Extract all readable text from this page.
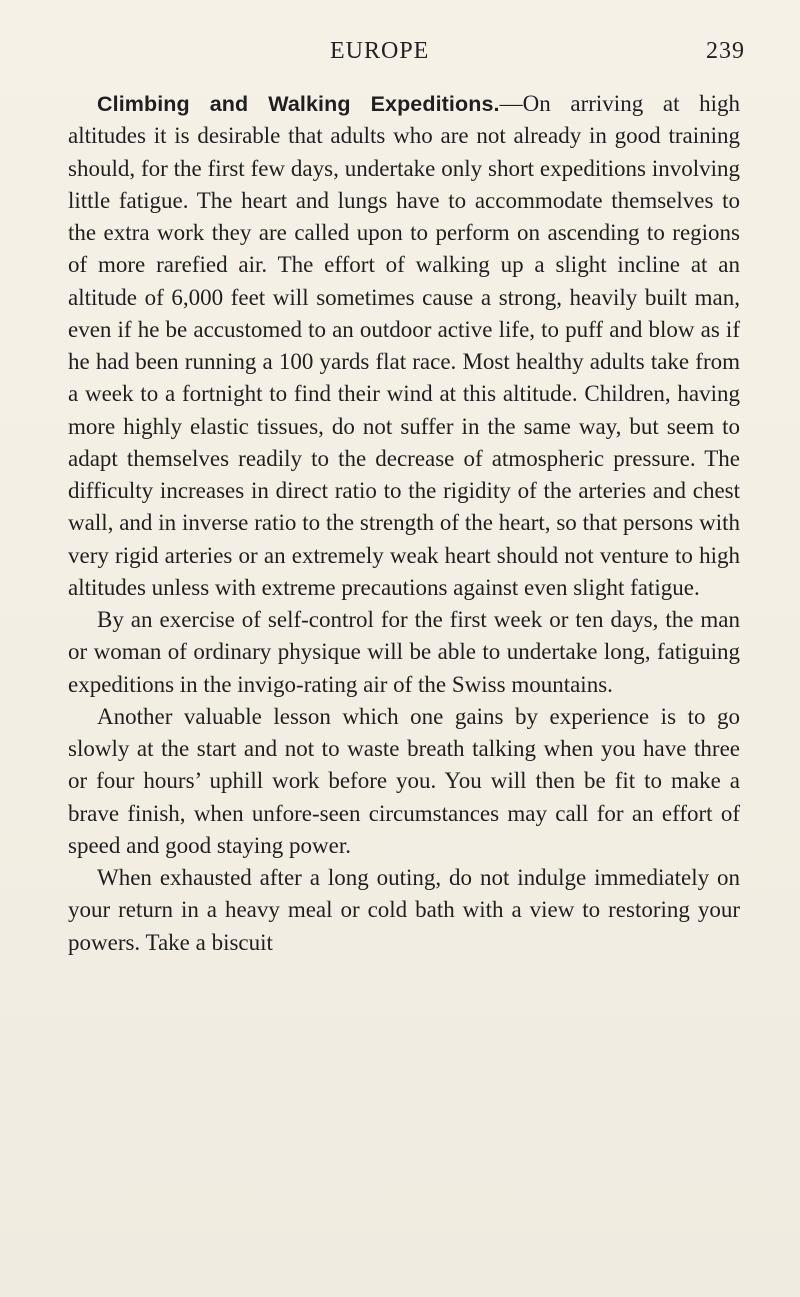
EUROPE	239

Climbing and Walking Expeditions.—On arriving at high altitudes it is desirable that adults who are not already in good training should, for the first few days, undertake only short expeditions involving little fatigue. The heart and lungs have to accommodate themselves to the extra work they are called upon to perform on ascending to regions of more rarefied air. The effort of walking up a slight incline at an altitude of 6,000 feet will sometimes cause a strong, heavily built man, even if he be accustomed to an outdoor active life, to puff and blow as if he had been running a 100 yards flat race. Most healthy adults take from a week to a fortnight to find their wind at this altitude. Children, having more highly elastic tissues, do not suffer in the same way, but seem to adapt themselves readily to the decrease of atmospheric pressure. The difficulty increases in direct ratio to the rigidity of the arteries and chest wall, and in inverse ratio to the strength of the heart, so that persons with very rigid arteries or an extremely weak heart should not venture to high altitudes unless with extreme precautions against even slight fatigue.

By an exercise of self-control for the first week or ten days, the man or woman of ordinary physique will be able to undertake long, fatiguing expeditions in the invigo-rating air of the Swiss mountains.

Another valuable lesson which one gains by experience is to go slowly at the start and not to waste breath talking when you have three or four hours’ uphill work before you. You will then be fit to make a brave finish, when unfore-seen circumstances may call for an effort of speed and good staying power.

When exhausted after a long outing, do not indulge immediately on your return in a heavy meal or cold bath with a view to restoring your powers. Take a biscuit
